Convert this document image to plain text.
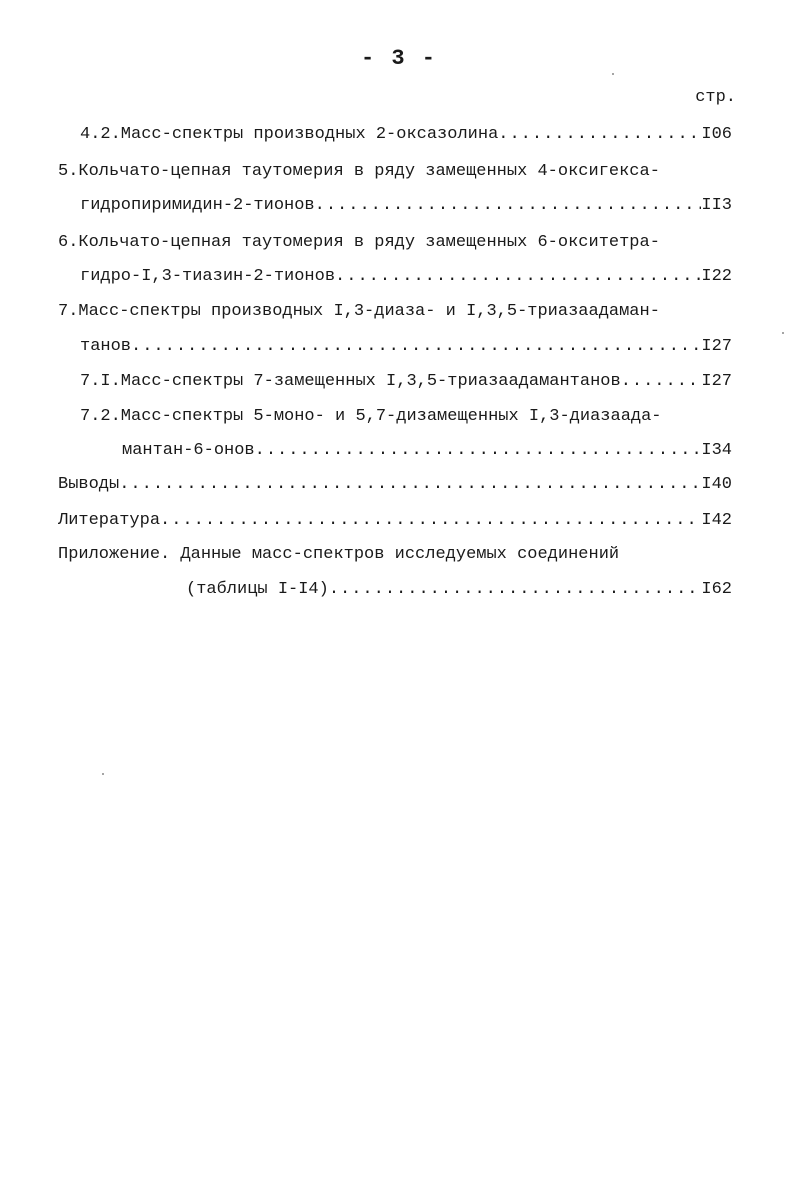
- 3 -
стр.
4.2.Масс-спектры производных 2-оксазолина .....	I06
5.Кольчато-цепная таутомерия в ряду замещенных 4-оксигекса-
гидропиримидин-2-тионов .....	II3
6.Кольчато-цепная таутомерия в ряду замещенных 6-окситетра-
гидро-I,3-тиазин-2-тионов .....	I22
7.Масс-спектры производных I,3-диаза- и I,3,5-триазаадаман-
танов .....	I27
7.I.Масс-спектры 7-замещенных I,3,5-триазаадамантанов .....	I27
7.2.Масс-спектры 5-моно- и 5,7-дизамещенных I,3-диазаада-
мантан-6-онов .....	I34
Выводы .....	I40
Литература .....	I42
Приложение. Данные масс-спектров исследуемых соединений
(таблицы I-I4) .....	I62
